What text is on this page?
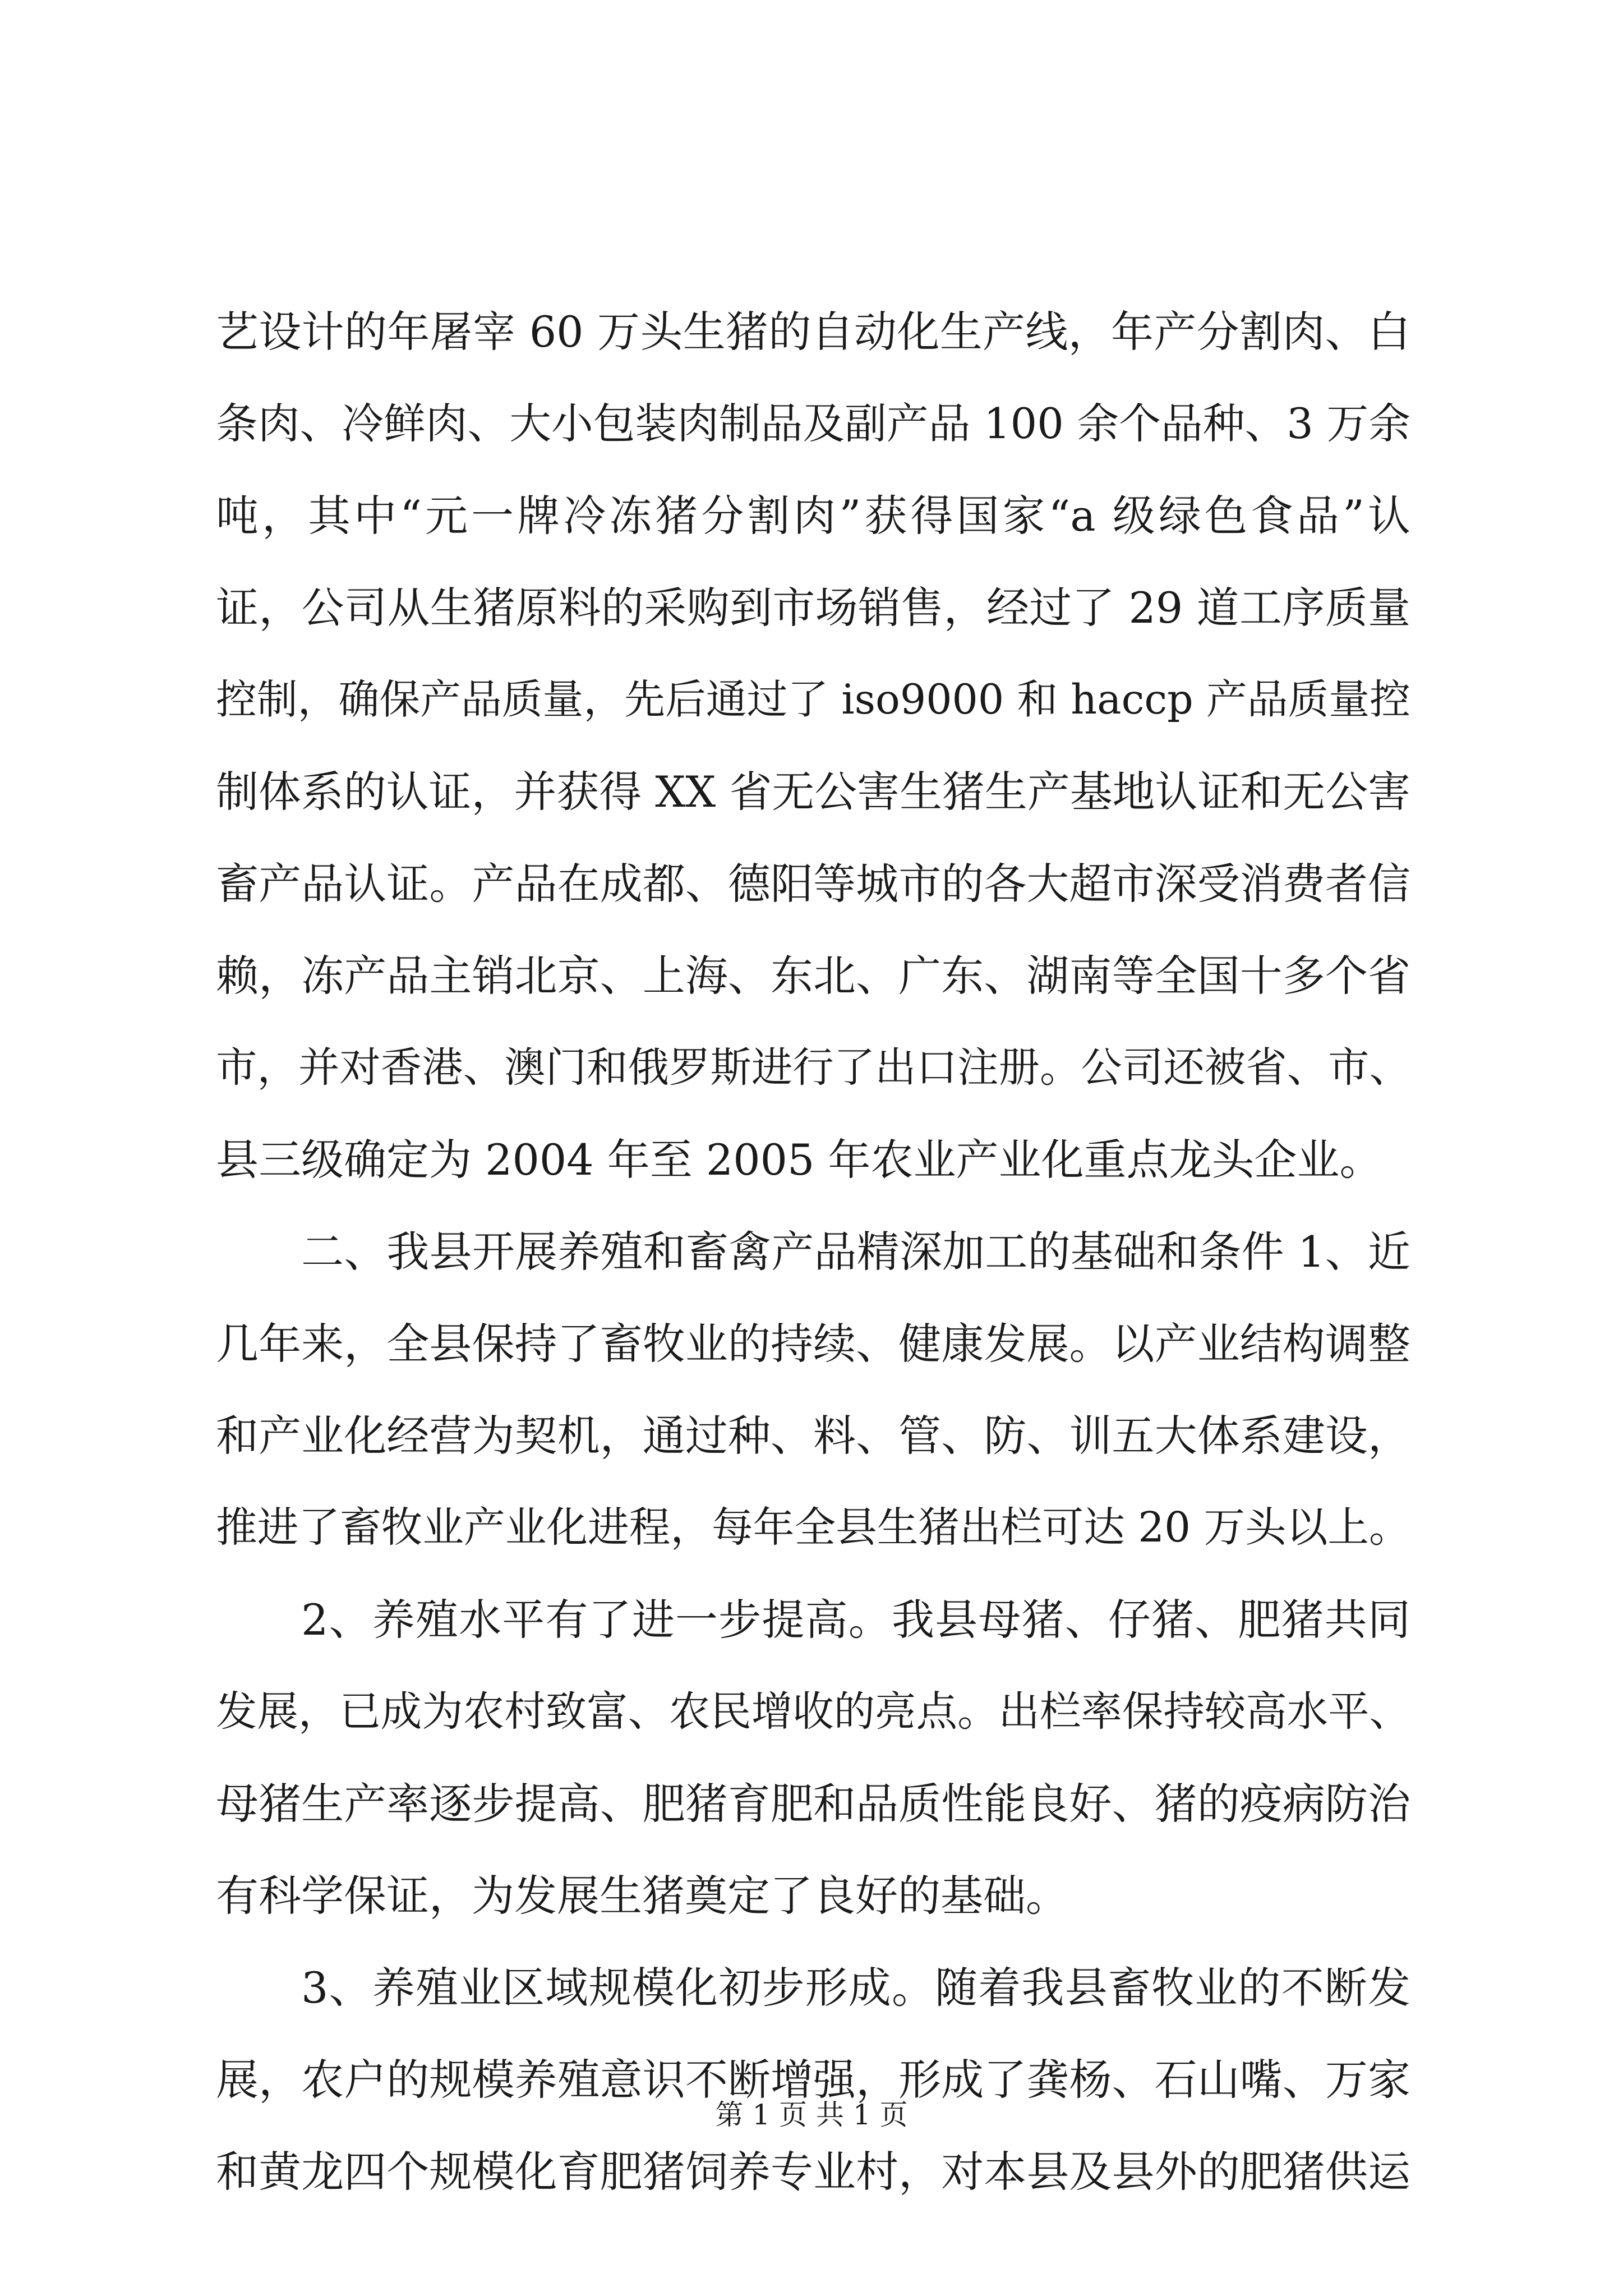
艺设计的年屠宰 60 万头生猪的自动化生产线，年产分割肉、白
条肉、冷鲜肉、大小包装肉制品及副产品 100 余个品种、3 万余
吨，其中“元一牌冷冻猪分割肉”获得国家“a 级绿色食品”认
证，公司从生猪原料的采购到市场销售，经过了 29 道工序质量
控制，确保产品质量，先后通过了 iso9000 和 haccp 产品质量控
制体系的认证，并获得 XX 省无公害生猪生产基地认证和无公害
畜产品认证。产品在成都、德阳等城市的各大超市深受消费者信
赖，冻产品主销北京、上海、东北、广东、湖南等全国十多个省
市，并对香港、澳门和俄罗斯进行了出口注册。公司还被省、市、
县三级确定为 2004 年至 2005 年农业产业化重点龙头企业。
二、我县开展养殖和畜禽产品精深加工的基础和条件 1、近
几年来，全县保持了畜牧业的持续、健康发展。以产业结构调整
和产业化经营为契机，通过种、料、管、防、训五大体系建设，
推进了畜牧业产业化进程，每年全县生猪出栏可达 20 万头以上。
2、养殖水平有了进一步提高。我县母猪、仔猪、肥猪共同
发展，已成为农村致富、农民增收的亮点。出栏率保持较高水平、
母猪生产率逐步提高、肥猪育肥和品质性能良好、猪的疫病防治
有科学保证，为发展生猪奠定了良好的基础。
3、养殖业区域规模化初步形成。随着我县畜牧业的不断发
展，农户的规模养殖意识不断增强，形成了龚杨、石山嘴、万家
和黄龙四个规模化育肥猪饲养专业村，对本县及县外的肥猪供运
第 1 页 共 1 页
